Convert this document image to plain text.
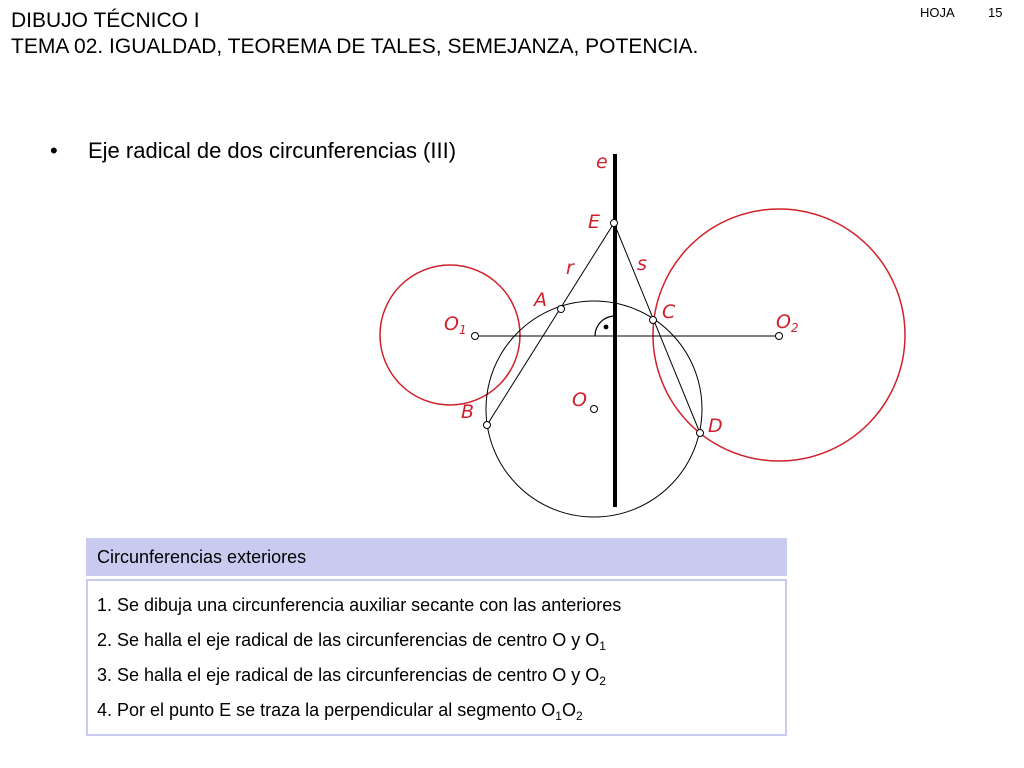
DIBUJO TÉCNICO I
TEMA 02. IGUALDAD, TEOREMA DE TALES, SEMEJANZA, POTENCIA.
HOJA	15
• Eje radical de dos circunferencias (III)	e
E
r	s
A
C
$O_1$	$O_2$
O
B
D
Circunferencias exteriores
1. Se dibuja una circunferencia auxiliar secante con las anteriores
2. Se halla el eje radical de las circunferencias de centro O y $O_1$
3. Se halla el eje radical de las circunferencias de centro O y $O_2$
4. Por el punto E se traza la perpendicular al segmento $O_1O_2$
